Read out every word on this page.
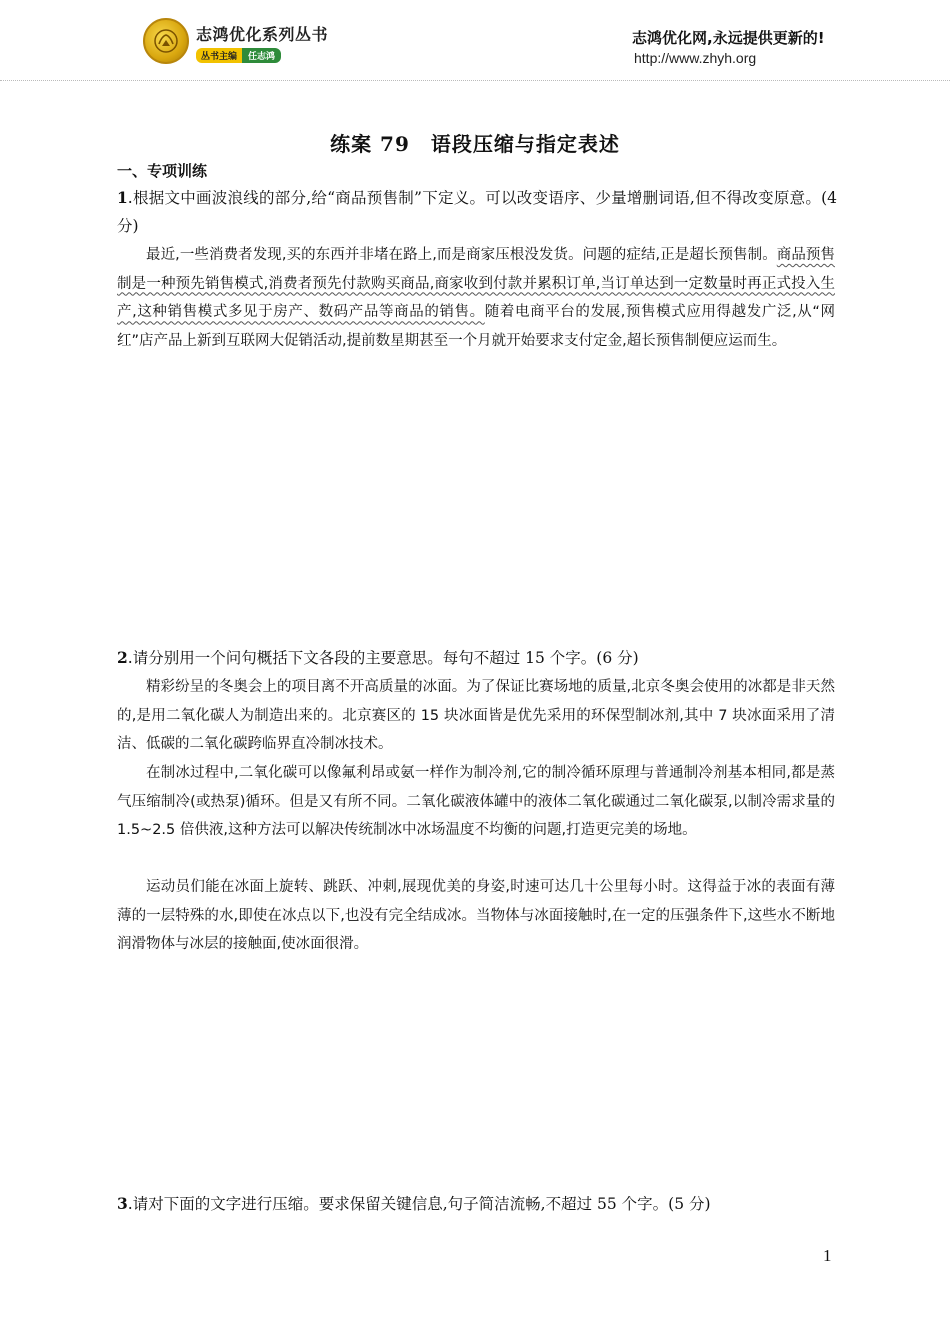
志鸿优化系列丛书
丛书主编	任志鸿
志鸿优化网,永远提供更新的!
http://www.zhyh.org
练案 79　语段压缩与指定表述
一、专项训练
1.根据文中画波浪线的部分,给“商品预售制”下定义。可以改变语序、少量增删词语,但不得改变原意。(4 分)
最近,一些消费者发现,买的东西并非堵在路上,而是商家压根没发货。问题的症结,正是超长预售制。商品预售制是一种预先销售模式,消费者预先付款购买商品,商家收到付款并累积订单,当订单达到一定数量时再正式投入生产,这种销售模式多见于房产、数码产品等商品的销售。随着电商平台的发展,预售模式应用得越发广泛,从“网红”店产品上新到互联网大促销活动,提前数星期甚至一个月就开始要求支付定金,超长预售制便应运而生。
2.请分别用一个问句概括下文各段的主要意思。每句不超过 15 个字。(6 分)
精彩纷呈的冬奥会上的项目离不开高质量的冰面。为了保证比赛场地的质量,北京冬奥会使用的冰都是非天然的,是用二氧化碳人为制造出来的。北京赛区的 15 块冰面皆是优先采用的环保型制冰剂,其中 7 块冰面采用了清洁、低碳的二氧化碳跨临界直冷制冰技术。
在制冰过程中,二氧化碳可以像氟利昂或氨一样作为制冷剂,它的制冷循环原理与普通制冷剂基本相同,都是蒸气压缩制冷(或热泵)循环。但是又有所不同。二氧化碳液体罐中的液体二氧化碳通过二氧化碳泵,以制冷需求量的 1.5~2.5 倍供液,这种方法可以解决传统制冰中冰场温度不均衡的问题,打造更完美的场地。
运动员们能在冰面上旋转、跳跃、冲刺,展现优美的身姿,时速可达几十公里每小时。这得益于冰的表面有薄薄的一层特殊的水,即使在冰点以下,也没有完全结成冰。当物体与冰面接触时,在一定的压强条件下,这些水不断地润滑物体与冰层的接触面,使冰面很滑。
3.请对下面的文字进行压缩。要求保留关键信息,句子简洁流畅,不超过 55 个字。(5 分)
1
